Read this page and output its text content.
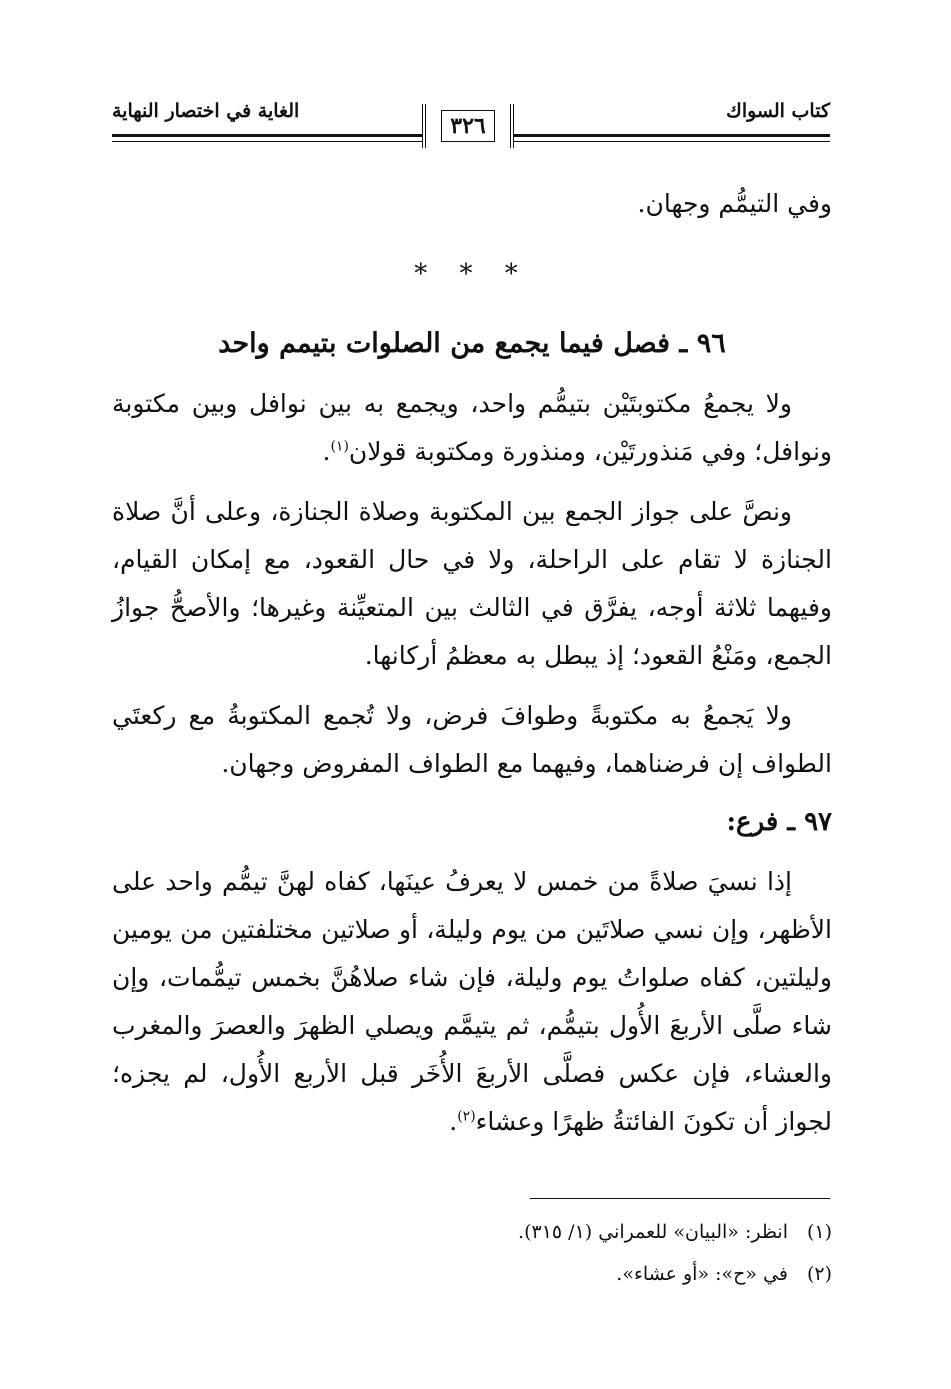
كتاب السواك
الغاية في اختصار النهاية
٣٢٦

وفي التيمُّم وجهان.

* * *

٩٦ ـ فصل فيما يجمع من الصلوات بتيمم واحد

ولا يجمعُ مكتوبتَيْن بتيمُّم واحد، ويجمع به بين نوافل وبين مكتوبة ونوافل؛ وفي مَنذورتَيْن، ومنذورة ومكتوبة قولان$^{(١)}$.

ونصَّ على جواز الجمع بين المكتوبة وصلاة الجنازة، وعلى أنَّ صلاة الجنازة لا تقام على الراحلة، ولا في حال القعود، مع إمكان القيام، وفيهما ثلاثة أوجه، يفرَّق في الثالث بين المتعيِّنة وغيرها؛ والأصحُّ جوازُ الجمع، ومَنْعُ القعود؛ إذ يبطل به معظمُ أركانها.

ولا يَجمعُ به مكتوبةً وطوافَ فرض، ولا تُجمع المكتوبةُ مع ركعتَي الطواف إن فرضناهما، وفيهما مع الطواف المفروض وجهان.

٩٧ ـ فرع:

إذا نسيَ صلاةً من خمس لا يعرفُ عينَها، كفاه لهنَّ تيمُّم واحد على الأظهر، وإن نسي صلاتَين من يوم وليلة، أو صلاتين مختلفتين من يومين وليلتين، كفاه صلواتُ يوم وليلة، فإن شاء صلاهُنَّ بخمس تيمُّمات، وإن شاء صلَّى الأربعَ الأُول بتيمُّم، ثم يتيمَّم ويصلي الظهرَ والعصرَ والمغرب والعشاء، فإن عكس فصلَّى الأربعَ الأُخَر قبل الأربع الأُول، لم يجزه؛ لجواز أن تكونَ الفائتةُ ظهرًا وعشاء$^{(٢)}$.

(١)انظر: «البيان» للعمراني (١/ ٣١٥).

(٢)في «ح»: «أو عشاء».
